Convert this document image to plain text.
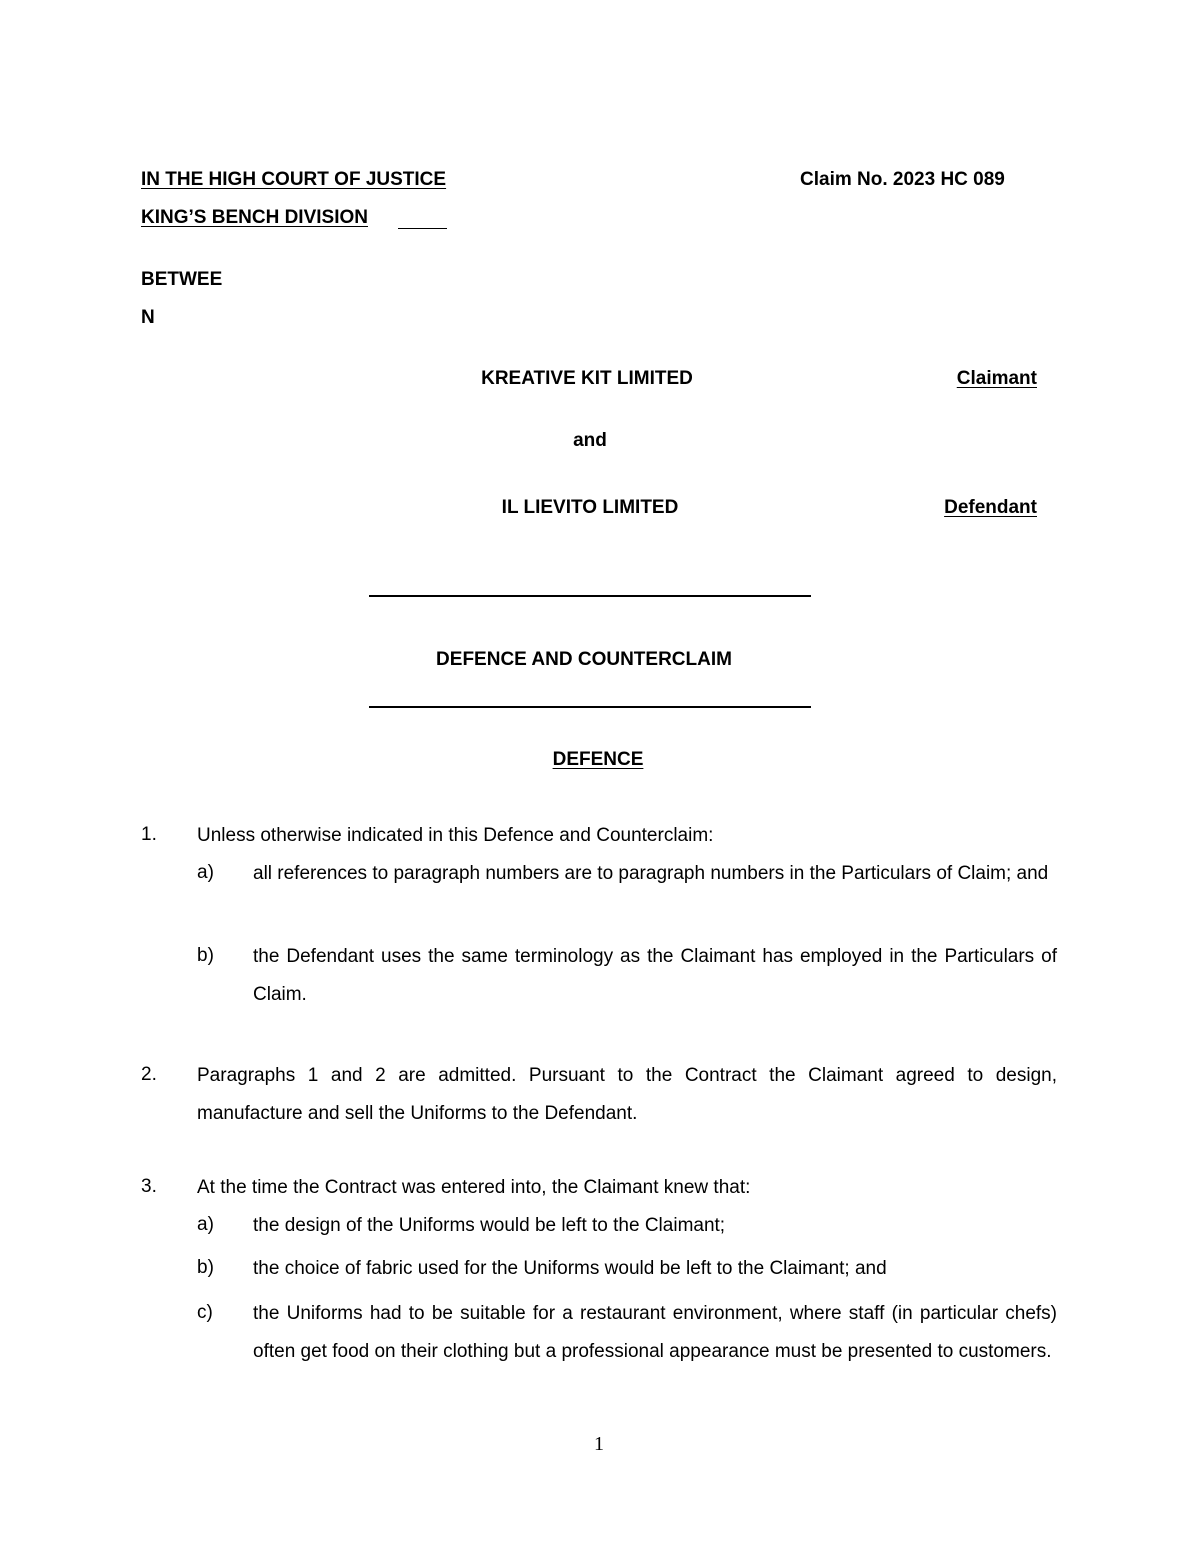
IN THE HIGH COURT OF JUSTICE	Claim No. 2023 HC 089
KING’S BENCH DIVISION
BETWEE
N
KREATIVE KIT LIMITED	Claimant
and
IL LIEVITO LIMITED	Defendant
DEFENCE AND COUNTERCLAIM
DEFENCE
1. Unless otherwise indicated in this Defence and Counterclaim:
a) all references to paragraph numbers are to paragraph numbers in the Particulars of Claim; and
b) the Defendant uses the same terminology as the Claimant has employed in the Particulars of Claim.
2. Paragraphs 1 and 2 are admitted. Pursuant to the Contract the Claimant agreed to design, manufacture and sell the Uniforms to the Defendant.
3. At the time the Contract was entered into, the Claimant knew that:
a) the design of the Uniforms would be left to the Claimant;
b) the choice of fabric used for the Uniforms would be left to the Claimant; and
c) the Uniforms had to be suitable for a restaurant environment, where staff (in particular chefs) often get food on their clothing but a professional appearance must be presented to customers.
1
